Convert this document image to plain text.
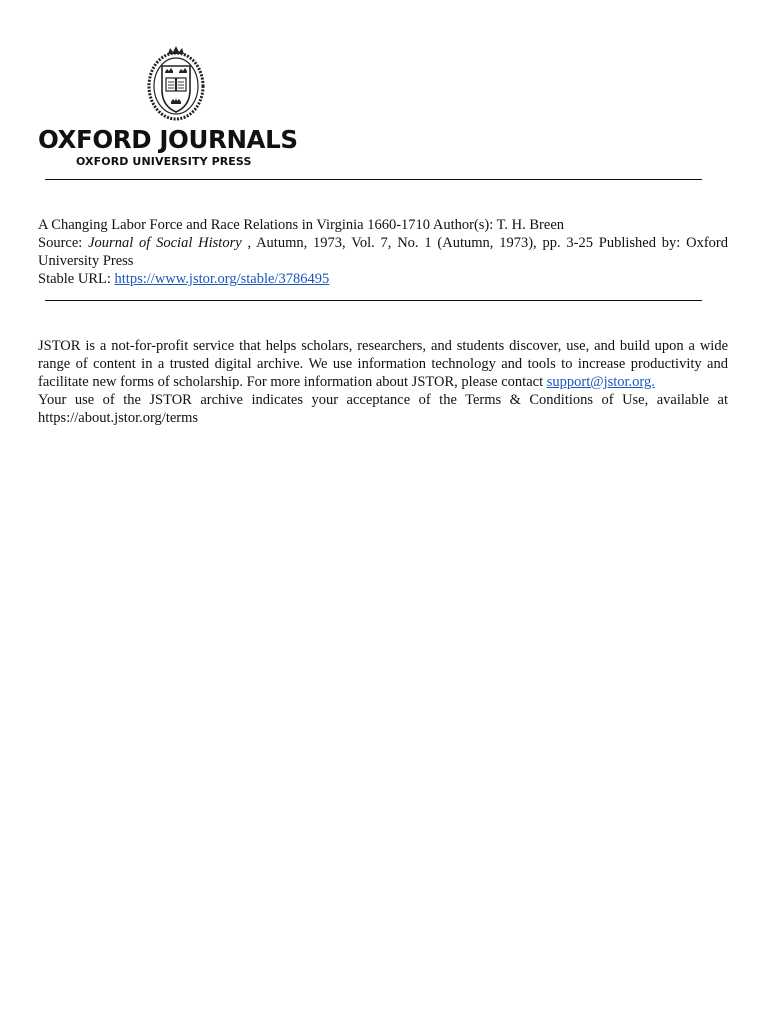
OXFORD JOURNALS
OXFORD UNIVERSITY PRESS

A Changing Labor Force and Race Relations in Virginia 1660-1710 Author(s): T. H. Breen

Source: Journal of Social History , Autumn, 1973, Vol. 7, No. 1 (Autumn, 1973), pp. 3-25 Published by: Oxford University Press

Stable URL: https://www.jstor.org/stable/3786495

JSTOR is a not-for-profit service that helps scholars, researchers, and students discover, use, and build upon a wide range of content in a trusted digital archive. We use information technology and tools to increase productivity and facilitate new forms of scholarship. For more information about JSTOR, please contact support@jstor.org.

Your use of the JSTOR archive indicates your acceptance of the Terms & Conditions of Use, available at https://about.jstor.org/terms
